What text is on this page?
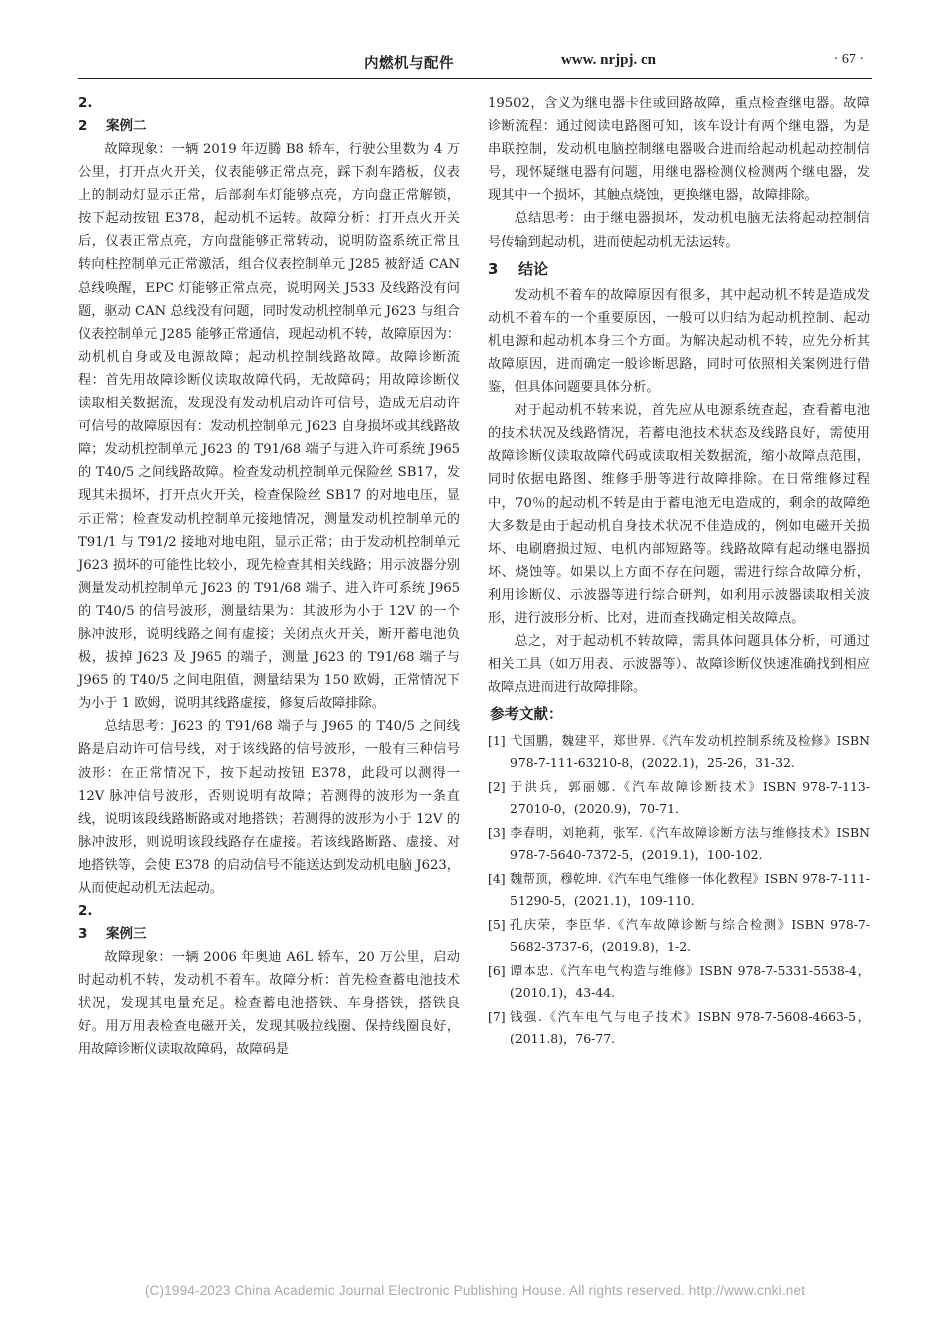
内燃机与配件	www. nrjpj. cn	· 67 ·
2. 2 案例二

故障现象：一辆 2019 年迈腾 B8 轿车，行驶公里数为 4 万公里，打开点火开关，仪表能够正常点亮，踩下刹车踏板，仪表上的制动灯显示正常，后部刹车灯能够点亮，方向盘正常解锁，按下起动按钮 E378，起动机不运转。故障分析：打开点火开关后，仪表正常点亮，方向盘能够正常转动，说明防盗系统正常且转向柱控制单元正常激活，组合仪表控制单元 J285 被舒适 CAN 总线唤醒，EPC 灯能够正常点亮，说明网关 J533 及线路没有问题，驱动 CAN 总线没有问题，同时发动机控制单元 J623 与组合仪表控制单元 J285 能够正常通信，现起动机不转，故障原因为：动机机自身或及电源故障；起动机控制线路故障。故障诊断流程：首先用故障诊断仪读取故障代码，无故障码；用故障诊断仪读取相关数据流，发现没有发动机启动许可信号，造成无启动许可信号的故障原因有：发动机控制单元 J623 自身损坏或其线路故障；发动机控制单元 J623 的 T91/68 端子与进入许可系统 J965 的 T40/5 之间线路故障。检查发动机控制单元保险丝 SB17，发现其未损坏，打开点火开关，检查保险丝 SB17 的对地电压，显示正常；检查发动机控制单元接地情况，测量发动机控制单元的 T91/1 与 T91/2 接地对地电阻，显示正常；由于发动机控制单元 J623 损坏的可能性比较小，现先检查其相关线路；用示波器分别测量发动机控制单元 J623 的 T91/68 端子、进入许可系统 J965 的 T40/5 的信号波形，测量结果为：其波形为小于 12V 的一个脉冲波形，说明线路之间有虚接；关闭点火开关，断开蓄电池负极，拔掉 J623 及 J965 的端子，测量 J623 的 T91/68 端子与 J965 的 T40/5 之间电阻值，测量结果为 150 欧姆，正常情况下为小于 1 欧姆，说明其线路虚接，修复后故障排除。

总结思考：J623 的 T91/68 端子与 J965 的 T40/5 之间线路是启动许可信号线，对于该线路的信号波形，一般有三种信号波形：在正常情况下，按下起动按钮 E378，此段可以测得一 12V 脉冲信号波形，否则说明有故障；若测得的波形为一条直线，说明该段线路断路或对地搭铁；若测得的波形为小于 12V 的脉冲波形，则说明该段线路存在虚接。若该线路断路、虚接、对地搭铁等，会使 E378 的启动信号不能送达到发动机电脑 J623，从而使起动机无法起动。

2. 3 案例三

故障现象：一辆 2006 年奥迪 A6L 轿车，20 万公里，启动时起动机不转，发动机不着车。故障分析：首先检查蓄电池技术状况，发现其电量充足。检查蓄电池搭铁、车身搭铁，搭铁良好。用万用表检查电磁开关，发现其吸拉线圈、保持线圈良好，用故障诊断仪读取故障码，故障码是

19502，含义为继电器卡住或回路故障，重点检查继电器。故障诊断流程：通过阅读电路图可知，该车设计有两个继电器，为是串联控制，发动机电脑控制继电器吸合进而给起动机起动控制信号，现怀疑继电器有问题，用继电器检测仪检测两个继电器，发现其中一个损坏，其触点烧蚀，更换继电器，故障排除。

总结思考：由于继电器损坏，发动机电脑无法将起动控制信号传输到起动机，进而使起动机无法运转。

3 结论

发动机不着车的故障原因有很多，其中起动机不转是造成发动机不着车的一个重要原因，一般可以归结为起动机控制、起动机电源和起动机本身三个方面。为解决起动机不转，应先分析其故障原因，进而确定一般诊断思路，同时可依照相关案例进行借鉴，但具体问题要具体分析。

对于起动机不转来说，首先应从电源系统查起，查看蓄电池的技术状况及线路情况，若蓄电池技术状态及线路良好，需使用故障诊断仪读取故障代码或读取相关数据流，缩小故障点范围，同时依据电路图、维修手册等进行故障排除。在日常维修过程中，70％的起动机不转是由于蓄电池无电造成的，剩余的故障绝大多数是由于起动机自身技术状况不佳造成的，例如电磁开关损坏、电刷磨损过短、电机内部短路等。线路故障有起动继电器损坏、烧蚀等。如果以上方面不存在问题，需进行综合故障分析，利用诊断仪、示波器等进行综合研判，如利用示波器读取相关波形，进行波形分析、比对，进而查找确定相关故障点。

总之，对于起动机不转故障，需具体问题具体分析，可通过相关工具（如万用表、示波器等）、故障诊断仪快速准确找到相应故障点进而进行故障排除。

参考文献：
[1] 弋国鹏，魏建平，郑世界.《汽车发动机控制系统及检修》ISBN 978-7-111-63210-8，(2022.1)，25-26，31-32.
[2] 于洪兵，郭丽娜.《汽车故障诊断技术》ISBN 978-7-113-27010-0，(2020.9)，70-71.
[3] 李春明，刘艳莉，张军.《汽车故障诊断方法与维修技术》ISBN 978-7-5640-7372-5，(2019.1)，100-102.
[4] 魏帮顶，穆乾坤.《汽车电气维修一体化教程》ISBN 978-7-111-51290-5，(2021.1)，109-110.
[5] 孔庆荣，李臣华.《汽车故障诊断与综合检测》ISBN 978-7-5682-3737-6，(2019.8)，1-2.
[6] 谭本忠.《汽车电气构造与维修》ISBN 978-7-5331-5538-4，(2010.1)，43-44.
[7] 钱强.《汽车电气与电子技术》ISBN 978-7-5608-4663-5，(2011.8)，76-77.
(C)1994-2023 China Academic Journal Electronic Publishing House. All rights reserved. http://www.cnki.net
